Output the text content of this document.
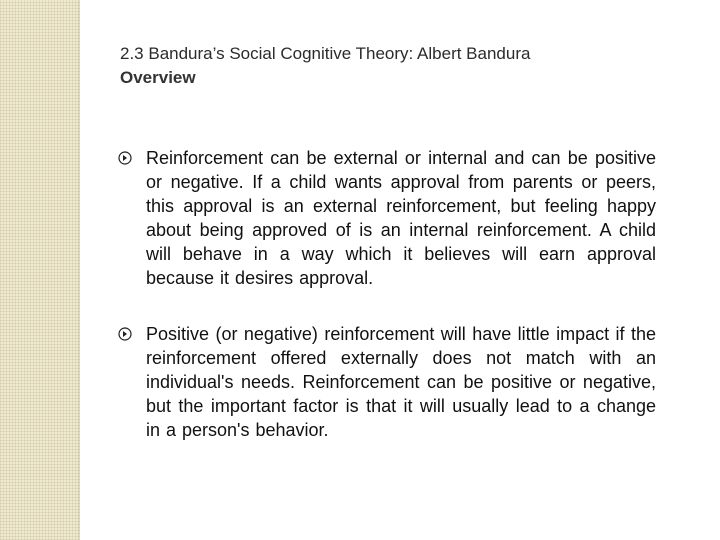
2.3 Bandura’s Social Cognitive Theory: Albert Bandura
Overview
Reinforcement can be external or internal and can be positive or negative. If a child wants approval from parents or peers, this approval is an external reinforcement, but feeling happy about being approved of is an internal reinforcement. A child will behave in a way which it believes will earn approval because it desires approval.
Positive (or negative) reinforcement will have little impact if the reinforcement offered externally does not match with an individual's needs. Reinforcement can be positive or negative, but the important factor is that it will usually lead to a change in a person's behavior.
